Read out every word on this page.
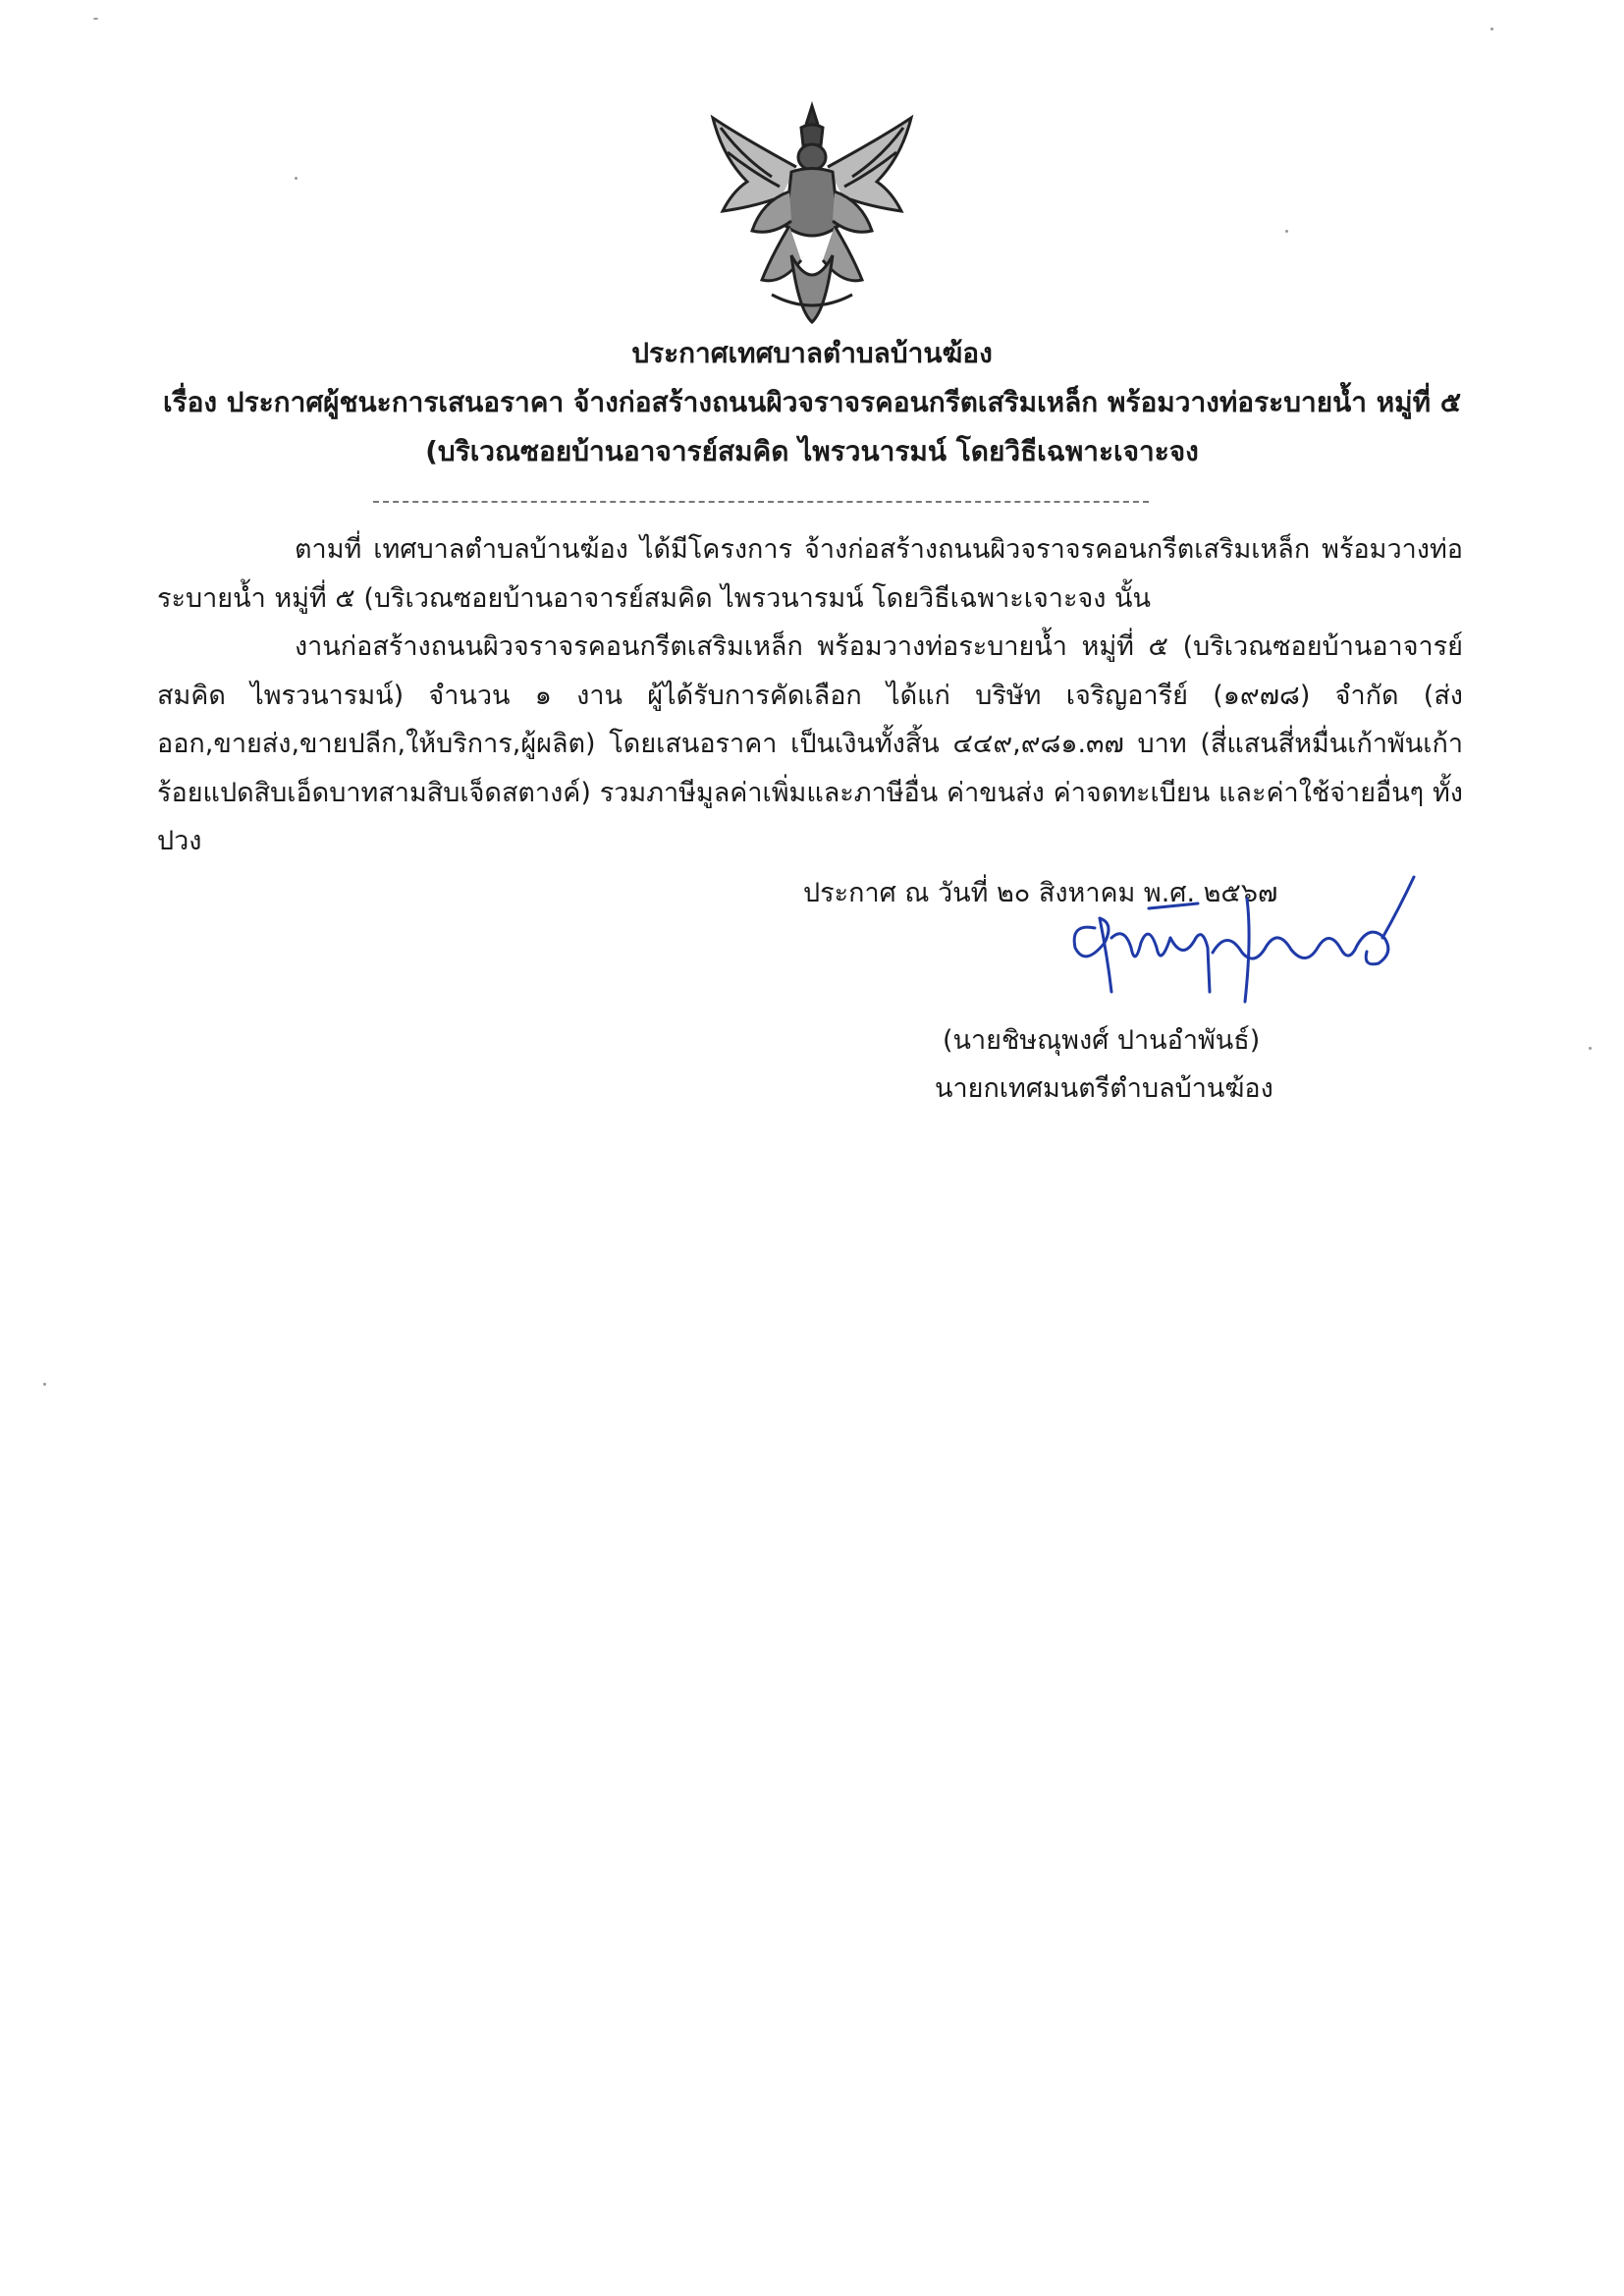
ประกาศเทศบาลตำบลบ้านฆ้อง
เรื่อง ประกาศผู้ชนะการเสนอราคา จ้างก่อสร้างถนนผิวจราจรคอนกรีตเสริมเหล็ก พร้อมวางท่อระบายน้ำ หมู่ที่ ๕
(บริเวณซอยบ้านอาจารย์สมคิด ไพรวนารมน์ โดยวิธีเฉพาะเจาะจง

ตามที่ เทศบาลตำบลบ้านฆ้อง ได้มีโครงการ จ้างก่อสร้างถนนผิวจราจรคอนกรีตเสริมเหล็ก พร้อมวางท่อระบายน้ำ หมู่ที่ ๕ (บริเวณซอยบ้านอาจารย์สมคิด ไพรวนารมน์ โดยวิธีเฉพาะเจาะจง นั้น

งานก่อสร้างถนนผิวจราจรคอนกรีตเสริมเหล็ก พร้อมวางท่อระบายน้ำ หมู่ที่ ๕ (บริเวณซอยบ้านอาจารย์สมคิด ไพรวนารมน์) จำนวน ๑ งาน ผู้ได้รับการคัดเลือก ได้แก่ บริษัท เจริญอารีย์ (๑๙๗๘) จำกัด (ส่งออก,ขายส่ง,ขายปลีก,ให้บริการ,ผู้ผลิต) โดยเสนอราคา เป็นเงินทั้งสิ้น ๔๔๙,๙๘๑.๓๗ บาท (สี่แสนสี่หมื่นเก้าพันเก้าร้อยแปดสิบเอ็ดบาทสามสิบเจ็ดสตางค์) รวมภาษีมูลค่าเพิ่มและภาษีอื่น ค่าขนส่ง ค่าจดทะเบียน และค่าใช้จ่ายอื่นๆ ทั้งปวง

ประกาศ ณ วันที่ ๒๐ สิงหาคม พ.ศ. ๒๕๖๗
(นายชิษณุพงศ์ ปานอำพันธ์)
นายกเทศมนตรีตำบลบ้านฆ้อง
